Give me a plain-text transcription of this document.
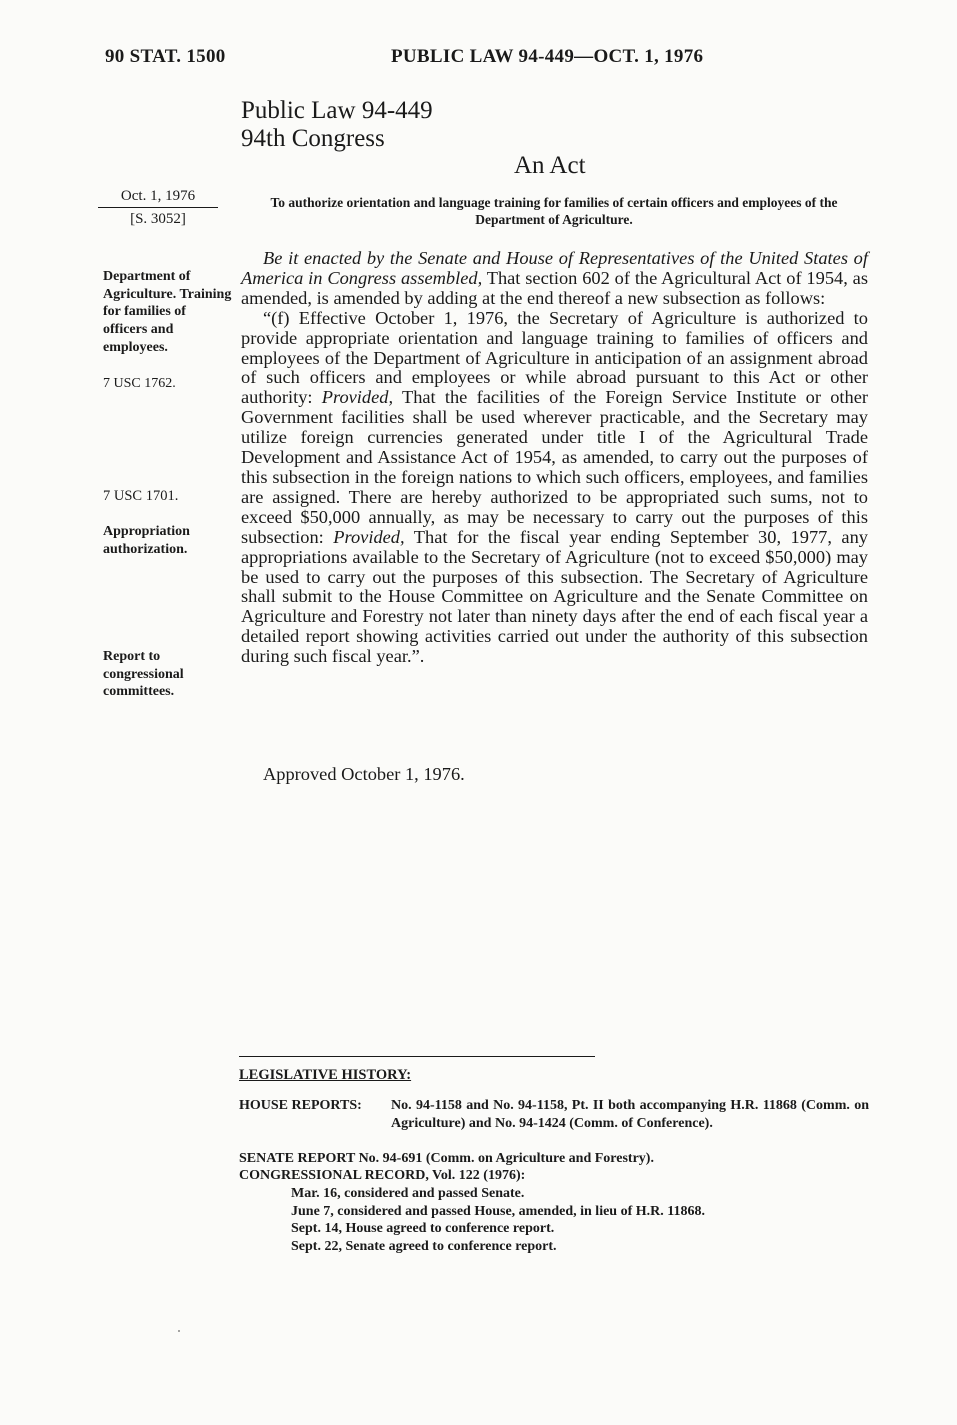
90 STAT. 1500	PUBLIC LAW 94-449—OCT. 1, 1976
Public Law 94-449
94th Congress
An Act
To authorize orientation and language training for families of certain officers and employees of the Department of Agriculture.
Oct. 1, 1976
[S. 3052]
Department of Agriculture. Training for families of officers and employees.
7 USC 1762.
7 USC 1701.
Appropriation authorization.
Report to congressional committees.

Be it enacted by the Senate and House of Representatives of the United States of America in Congress assembled, That section 602 of the Agricultural Act of 1954, as amended, is amended by adding at the end thereof a new subsection as follows:

“(f) Effective October 1, 1976, the Secretary of Agriculture is authorized to provide appropriate orientation and language training to families of officers and employees of the Department of Agriculture in anticipation of an assignment abroad of such officers and employees or while abroad pursuant to this Act or other authority: Provided, That the facilities of the Foreign Service Institute or other Government facilities shall be used wherever practicable, and the Secretary may utilize foreign currencies generated under title I of the Agricultural Trade Development and Assistance Act of 1954, as amended, to carry out the purposes of this subsection in the foreign nations to which such officers, employees, and families are assigned. There are hereby authorized to be appropriated such sums, not to exceed $50,000 annually, as may be necessary to carry out the purposes of this subsection: Provided, That for the fiscal year ending September 30, 1977, any appropriations available to the Secretary of Agriculture (not to exceed $50,000) may be used to carry out the purposes of this subsection. The Secretary of Agriculture shall submit to the House Committee on Agriculture and the Senate Committee on Agriculture and Forestry not later than ninety days after the end of each fiscal year a detailed report showing activities carried out under the authority of this subsection during such fiscal year.”.

Approved October 1, 1976.
LEGISLATIVE HISTORY:
HOUSE REPORTS:	No. 94-1158 and No. 94-1158, Pt. II both accompanying H.R. 11868 (Comm. on Agriculture) and No. 94-1424 (Comm. of Conference).
SENATE REPORT No. 94-691 (Comm. on Agriculture and Forestry).
CONGRESSIONAL RECORD, Vol. 122 (1976):
Mar. 16, considered and passed Senate.
June 7, considered and passed House, amended, in lieu of H.R. 11868.
Sept. 14, House agreed to conference report.
Sept. 22, Senate agreed to conference report.
